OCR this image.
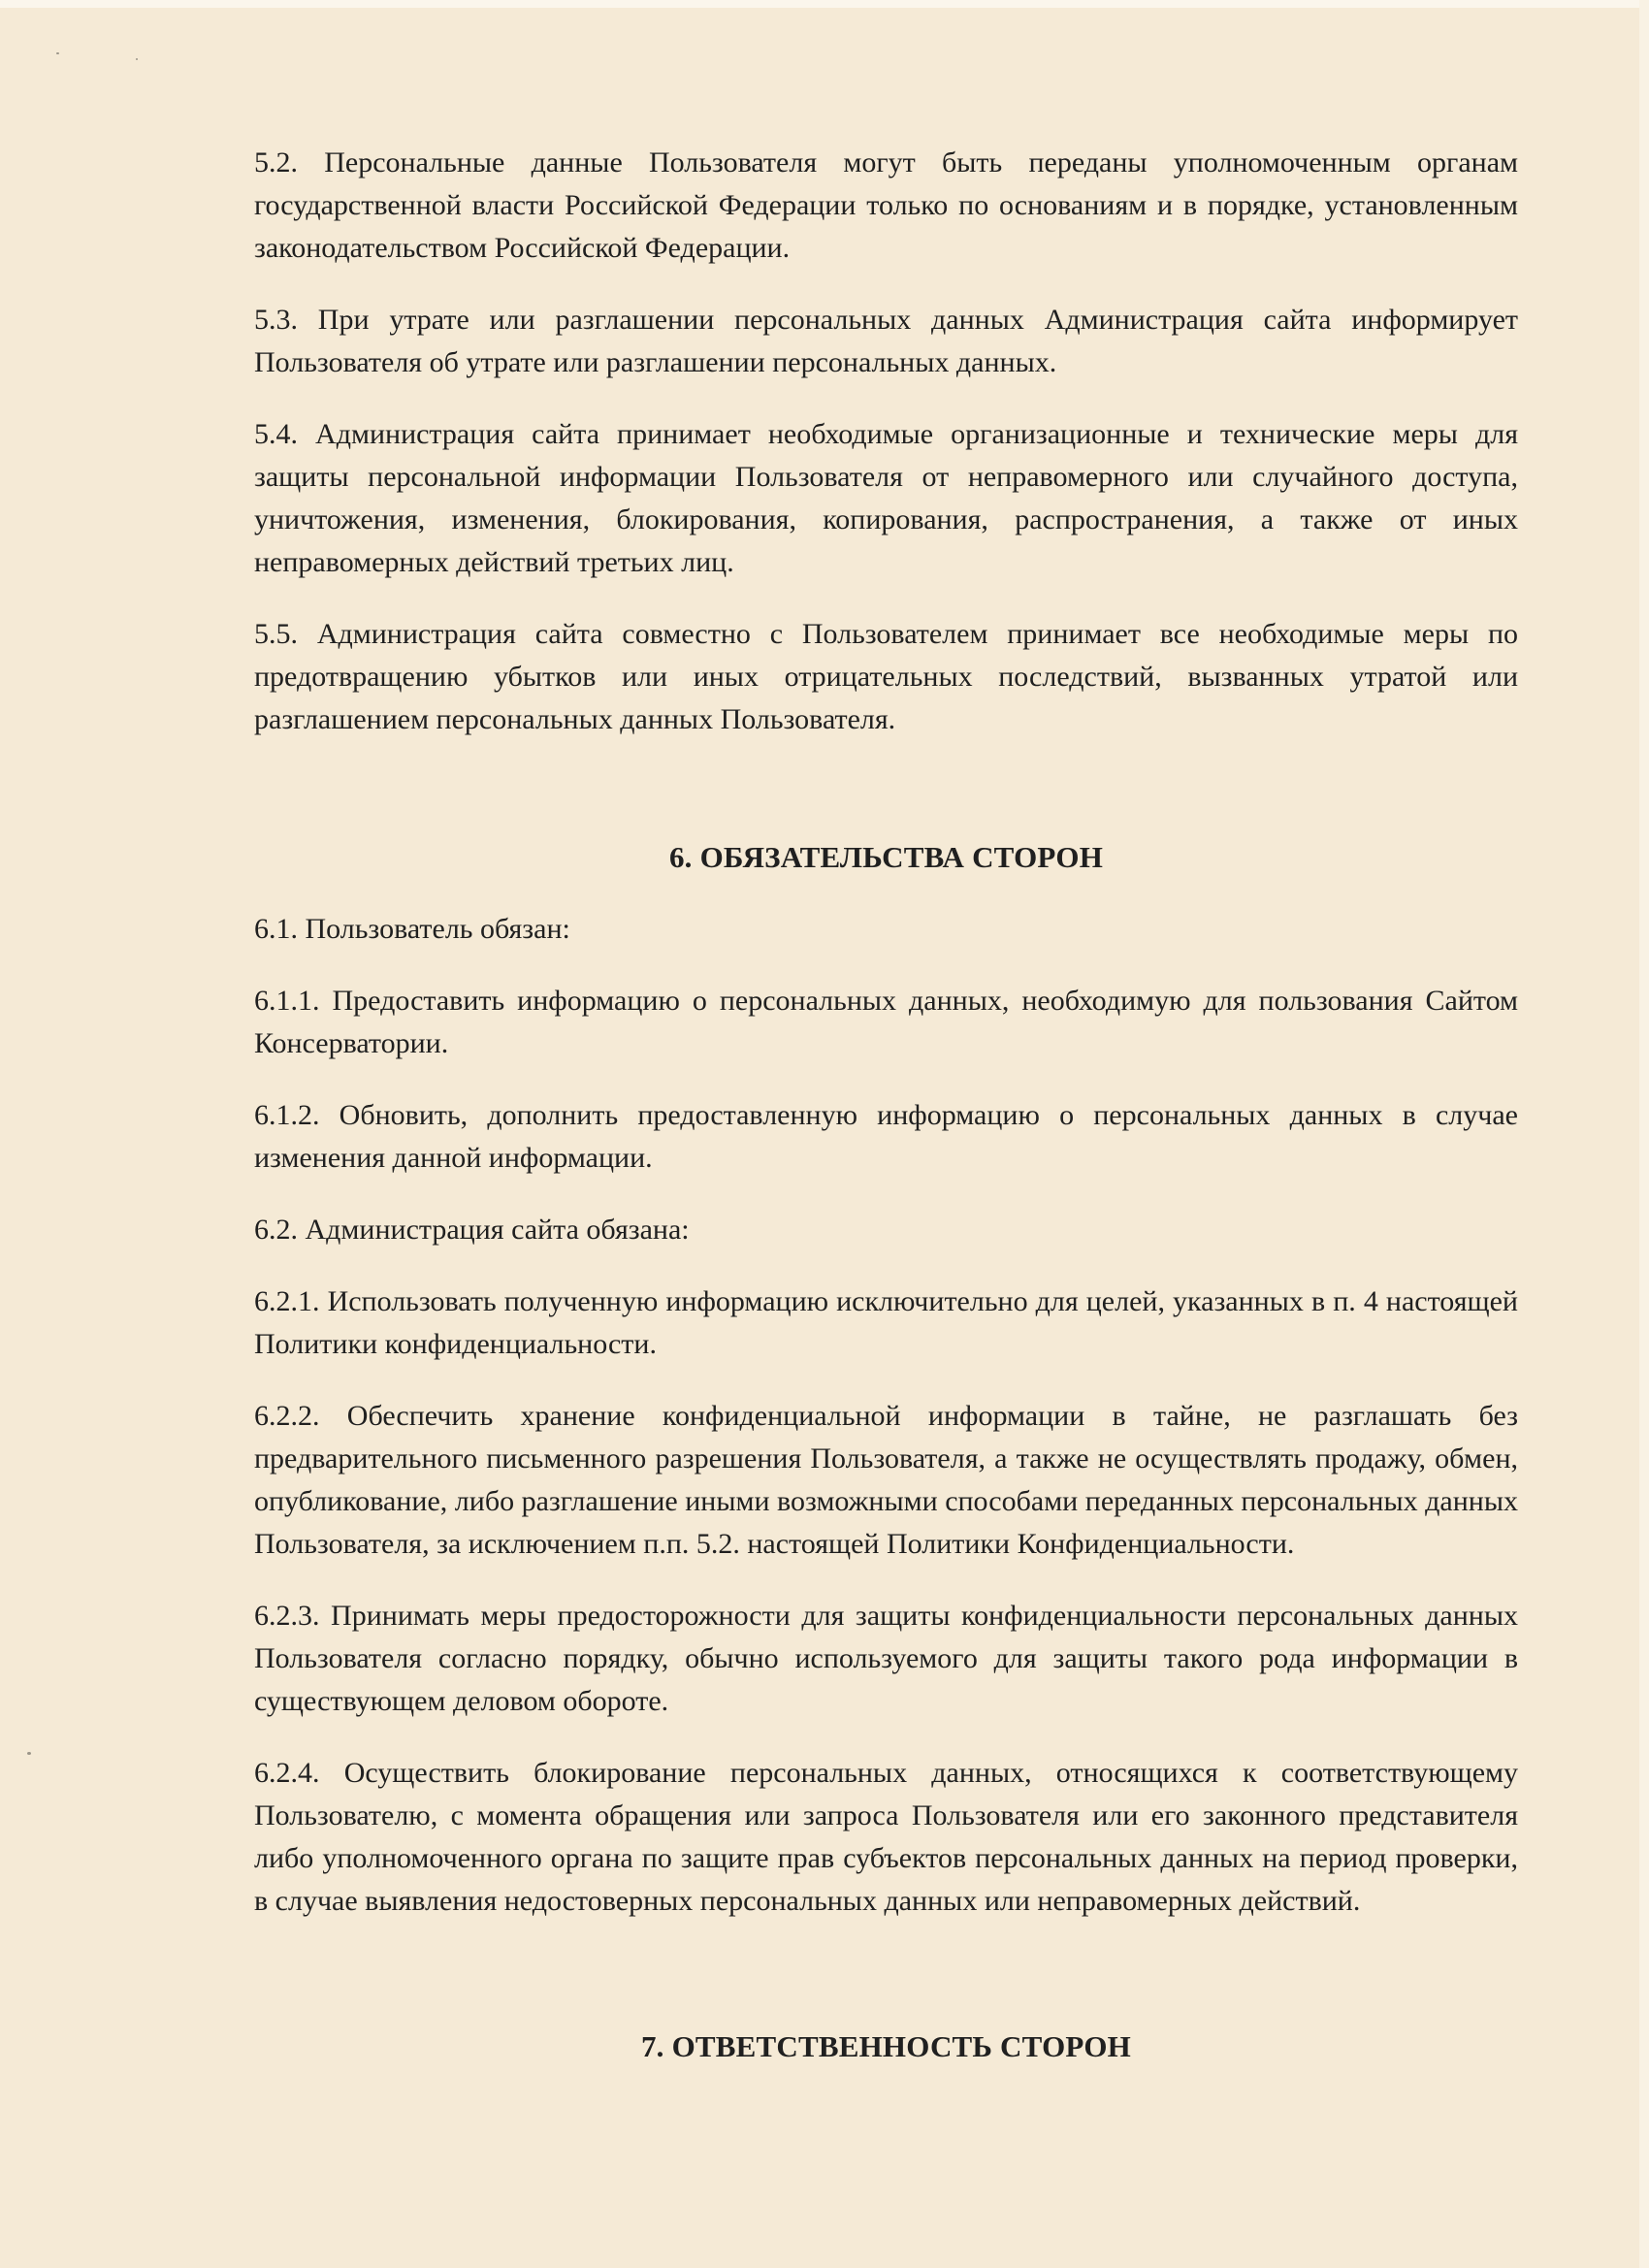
5.2. Персональные данные Пользователя могут быть переданы уполномоченным органам государственной власти Российской Федерации только по основаниям и в порядке, установленным законодательством Российской Федерации.

5.3. При утрате или разглашении персональных данных Администрация сайта информирует Пользователя об утрате или разглашении персональных данных.

5.4. Администрация сайта принимает необходимые организационные и технические меры для защиты персональной информации Пользователя от неправомерного или случайного доступа, уничтожения, изменения, блокирования, копирования, распространения, а также от иных неправомерных действий третьих лиц.

5.5. Администрация сайта совместно с Пользователем принимает все необходимые меры по предотвращению убытков или иных отрицательных последствий, вызванных утратой или разглашением персональных данных Пользователя.

6. ОБЯЗАТЕЛЬСТВА СТОРОН

6.1. Пользователь обязан:

6.1.1. Предоставить информацию о персональных данных, необходимую для пользования Сайтом Консерватории.

6.1.2. Обновить, дополнить предоставленную информацию о персональных данных в случае изменения данной информации.

6.2. Администрация сайта обязана:

6.2.1. Использовать полученную информацию исключительно для целей, указанных в п. 4 настоящей Политики конфиденциальности.

6.2.2. Обеспечить хранение конфиденциальной информации в тайне, не разглашать без предварительного письменного разрешения Пользователя, а также не осуществлять продажу, обмен, опубликование, либо разглашение иными возможными способами переданных персональных данных Пользователя, за исключением п.п. 5.2. настоящей Политики Конфиденциальности.

6.2.3. Принимать меры предосторожности для защиты конфиденциальности персональных данных Пользователя согласно порядку, обычно используемого для защиты такого рода информации в существующем деловом обороте.

6.2.4. Осуществить блокирование персональных данных, относящихся к соответствующему Пользователю, с момента обращения или запроса Пользователя или его законного представителя либо уполномоченного органа по защите прав субъектов персональных данных на период проверки, в случае выявления недостоверных персональных данных или неправомерных действий.

7. ОТВЕТСТВЕННОСТЬ СТОРОН
